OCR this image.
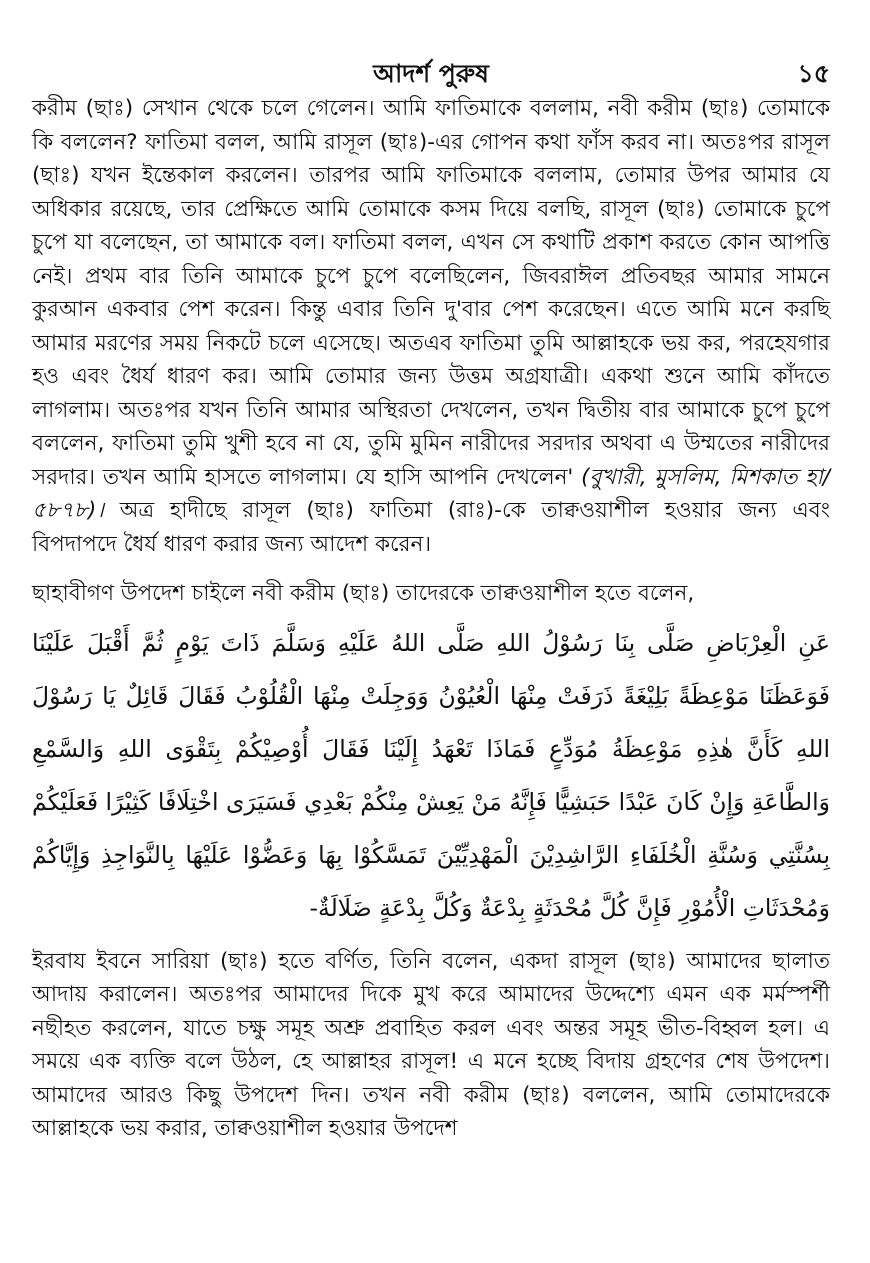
আদর্শ পুরুষ	১৫

করীম (ছাঃ) সেখান থেকে চলে গেলেন। আমি ফাতিমাকে বললাম, নবী করীম (ছাঃ) তোমাকে কি বললেন? ফাতিমা বলল, আমি রাসূল (ছাঃ)-এর গোপন কথা ফাঁস করব না। অতঃপর রাসূল (ছাঃ) যখন ইন্তেকাল করলেন। তারপর আমি ফাতিমাকে বললাম, তোমার উপর আমার যে অধিকার রয়েছে, তার প্রেক্ষিতে আমি তোমাকে কসম দিয়ে বলছি, রাসূল (ছাঃ) তোমাকে চুপে চুপে যা বলেছেন, তা আমাকে বল। ফাতিমা বলল, এখন সে কথাটি প্রকাশ করতে কোন আপত্তি নেই। প্রথম বার তিনি আমাকে চুপে চুপে বলেছিলেন, জিবরাঈল প্রতিবছর আমার সামনে কুরআন একবার পেশ করেন। কিন্তু এবার তিনি দু'বার পেশ করেছেন। এতে আমি মনে করছি আমার মরণের সময় নিকটে চলে এসেছে। অতএব ফাতিমা তুমি আল্লাহকে ভয় কর, পরহেযগার হও এবং ধৈর্য ধারণ কর। আমি তোমার জন্য উত্তম অগ্রযাত্রী। একথা শুনে আমি কাঁদতে লাগলাম। অতঃপর যখন তিনি আমার অস্থিরতা দেখলেন, তখন দ্বিতীয় বার আমাকে চুপে চুপে বললেন, ফাতিমা তুমি খুশী হবে না যে, তুমি মুমিন নারীদের সরদার অথবা এ উম্মতের নারীদের সরদার। তখন আমি হাসতে লাগলাম। যে হাসি আপনি দেখলেন' (বুখারী, মুসলিম, মিশকাত হা/৫৮৭৮)। অত্র হাদীছে রাসূল (ছাঃ) ফাতিমা (রাঃ)-কে তাক্বওয়াশীল হওয়ার জন্য এবং বিপদাপদে ধৈর্য ধারণ করার জন্য আদেশ করেন।

ছাহাবীগণ উপদেশ চাইলে নবী করীম (ছাঃ) তাদেরকে তাক্বওয়াশীল হতে বলেন,

عَنِ الْعِرْبَاضِ صَلَّى بِنَا رَسُوْلُ اللهِ صَلَّى اللهُ عَلَيْهِ وَسَلَّمَ ذَاتَ يَوْمٍ ثُمَّ أَقْبَلَ عَلَيْنَا فَوَعَظَنَا مَوْعِظَةً بَلِيْغَةً ذَرَفَتْ مِنْهَا الْعُيُوْنُ وَوَجِلَتْ مِنْهَا الْقُلُوْبُ فَقَالَ قَائِلٌ يَا رَسُوْلَ اللهِ كَأَنَّ هٰذِهِ مَوْعِظَةُ مُوَدِّعٍ فَمَاذَا تَعْهَدُ إِلَيْنَا فَقَالَ أُوْصِيْكُمْ بِتَقْوَى اللهِ وَالسَّمْعِ وَالطَّاعَةِ وَإِنْ كَانَ عَبْدًا حَبَشِيًّا فَإِنَّهُ مَنْ يَعِشْ مِنْكُمْ بَعْدِي فَسَيَرَى اخْتِلَافًا كَثِيْرًا فَعَلَيْكُمْ بِسُنَّتِي وَسُنَّةِ الْخُلَفَاءِ الرَّاشِدِيْنَ الْمَهْدِيِّيْنَ تَمَسَّكُوْا بِهَا وَعَضُّوْا عَلَيْهَا بِالنَّوَاجِذِ وَإِيَّاكُمْ وَمُحْدَثَاتِ الْأُمُوْرِ فَإِنَّ كُلَّ مُحْدَثَةٍ بِدْعَةٌ وَكُلَّ بِدْعَةٍ ضَلَالَةٌ-

ইরবায ইবনে সারিয়া (ছাঃ) হতে বর্ণিত, তিনি বলেন, একদা রাসূল (ছাঃ) আমাদের ছালাত আদায় করালেন। অতঃপর আমাদের দিকে মুখ করে আমাদের উদ্দেশ্যে এমন এক মর্মস্পর্শী নছীহত করলেন, যাতে চক্ষু সমূহ অশ্রু প্রবাহিত করল এবং অন্তর সমূহ ভীত-বিহ্বল হল। এ সময়ে এক ব্যক্তি বলে উঠল, হে আল্লাহর রাসূল! এ মনে হচ্ছে বিদায় গ্রহণের শেষ উপদেশ। আমাদের আরও কিছু উপদেশ দিন। তখন নবী করীম (ছাঃ) বললেন, আমি তোমাদেরকে আল্লাহকে ভয় করার, তাক্বওয়াশীল হওয়ার উপদেশ
